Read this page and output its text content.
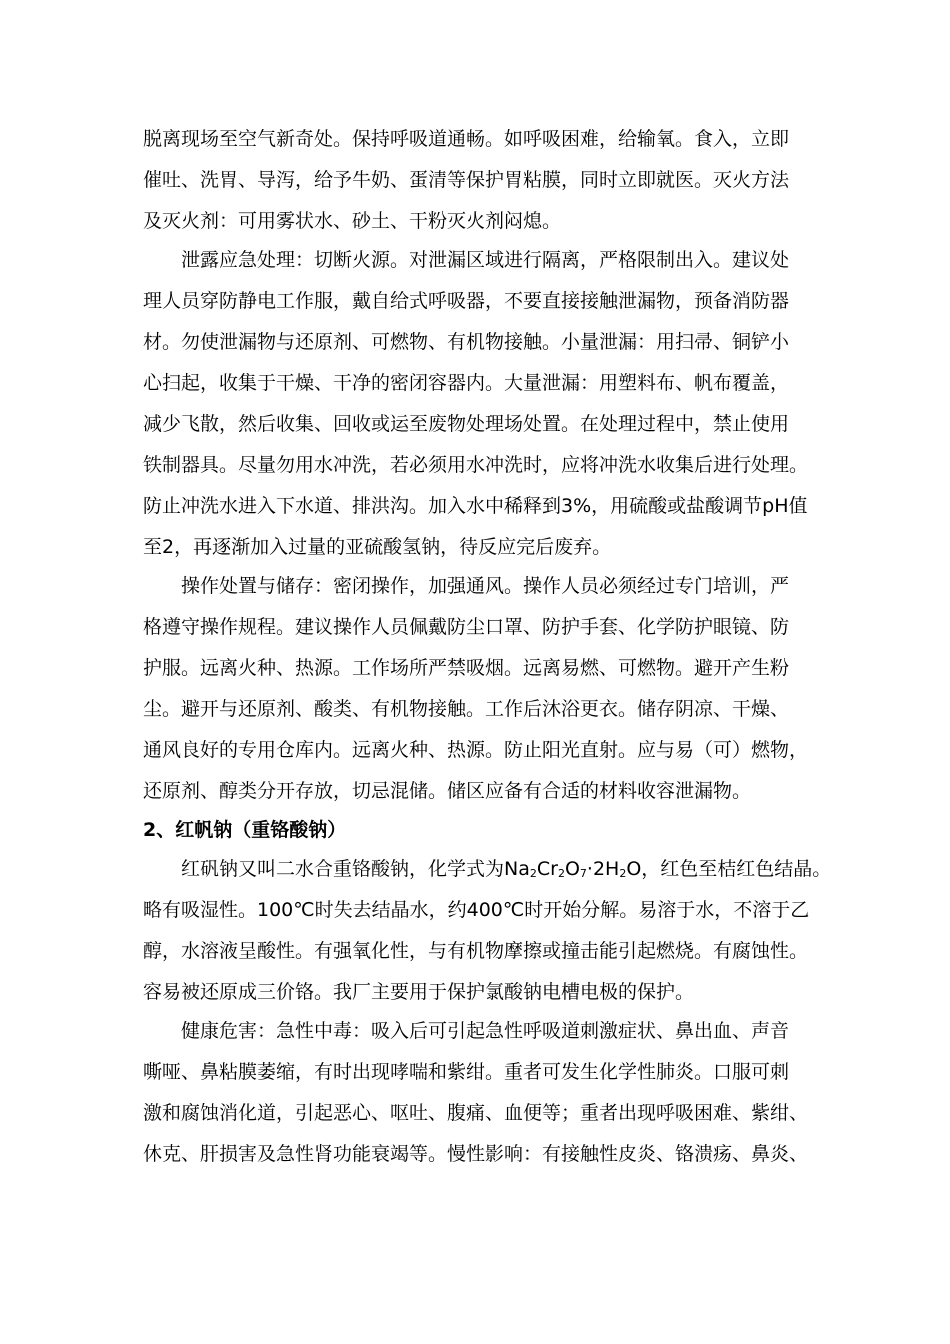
脱离现场至空气新奇处。保持呼吸道通畅。如呼吸困难，给输氧。食入，立即
催吐、洗胃、导泻，给予牛奶、蛋清等保护胃粘膜，同时立即就医。灭火方法
及灭火剂：可用雾状水、砂土、干粉灭火剂闷熄。
泄露应急处理：切断火源。对泄漏区域进行隔离，严格限制出入。建议处
理人员穿防静电工作服，戴自给式呼吸器，不要直接接触泄漏物，预备消防器
材。勿使泄漏物与还原剂、可燃物、有机物接触。小量泄漏：用扫帚、铜铲小
心扫起，收集于干燥、干净的密闭容器内。大量泄漏：用塑料布、帆布覆盖，
减少飞散，然后收集、回收或运至废物处理场处置。在处理过程中，禁止使用
铁制器具。尽量勿用水冲洗，若必须用水冲洗时，应将冲洗水收集后进行处理。
防止冲洗水进入下水道、排洪沟。加入水中稀释到3%，用硫酸或盐酸调节pH值
至2，再逐渐加入过量的亚硫酸氢钠，待反应完后废弃。
操作处置与储存：密闭操作，加强通风。操作人员必须经过专门培训，严
格遵守操作规程。建议操作人员佩戴防尘口罩、防护手套、化学防护眼镜、防
护服。远离火种、热源。工作场所严禁吸烟。远离易燃、可燃物。避开产生粉
尘。避开与还原剂、酸类、有机物接触。工作后沐浴更衣。储存阴凉、干燥、
通风良好的专用仓库内。远离火种、热源。防止阳光直射。应与易（可）燃物，
还原剂、醇类分开存放，切忌混储。储区应备有合适的材料收容泄漏物。
2、红帆钠（重铬酸钠）
红矾钠又叫二水合重铬酸钠，化学式为Na2Cr2O7·2H2O，红色至桔红色结晶。
略有吸湿性。100℃时失去结晶水，约400℃时开始分解。易溶于水，不溶于乙
醇，水溶液呈酸性。有强氧化性，与有机物摩擦或撞击能引起燃烧。有腐蚀性。
容易被还原成三价铬。我厂主要用于保护氯酸钠电槽电极的保护。
健康危害：急性中毒：吸入后可引起急性呼吸道刺激症状、鼻出血、声音
嘶哑、鼻粘膜萎缩，有时出现哮喘和紫绀。重者可发生化学性肺炎。口服可刺
激和腐蚀消化道，引起恶心、呕吐、腹痛、血便等；重者出现呼吸困难、紫绀、
休克、肝损害及急性肾功能衰竭等。慢性影响：有接触性皮炎、铬溃疡、鼻炎、
